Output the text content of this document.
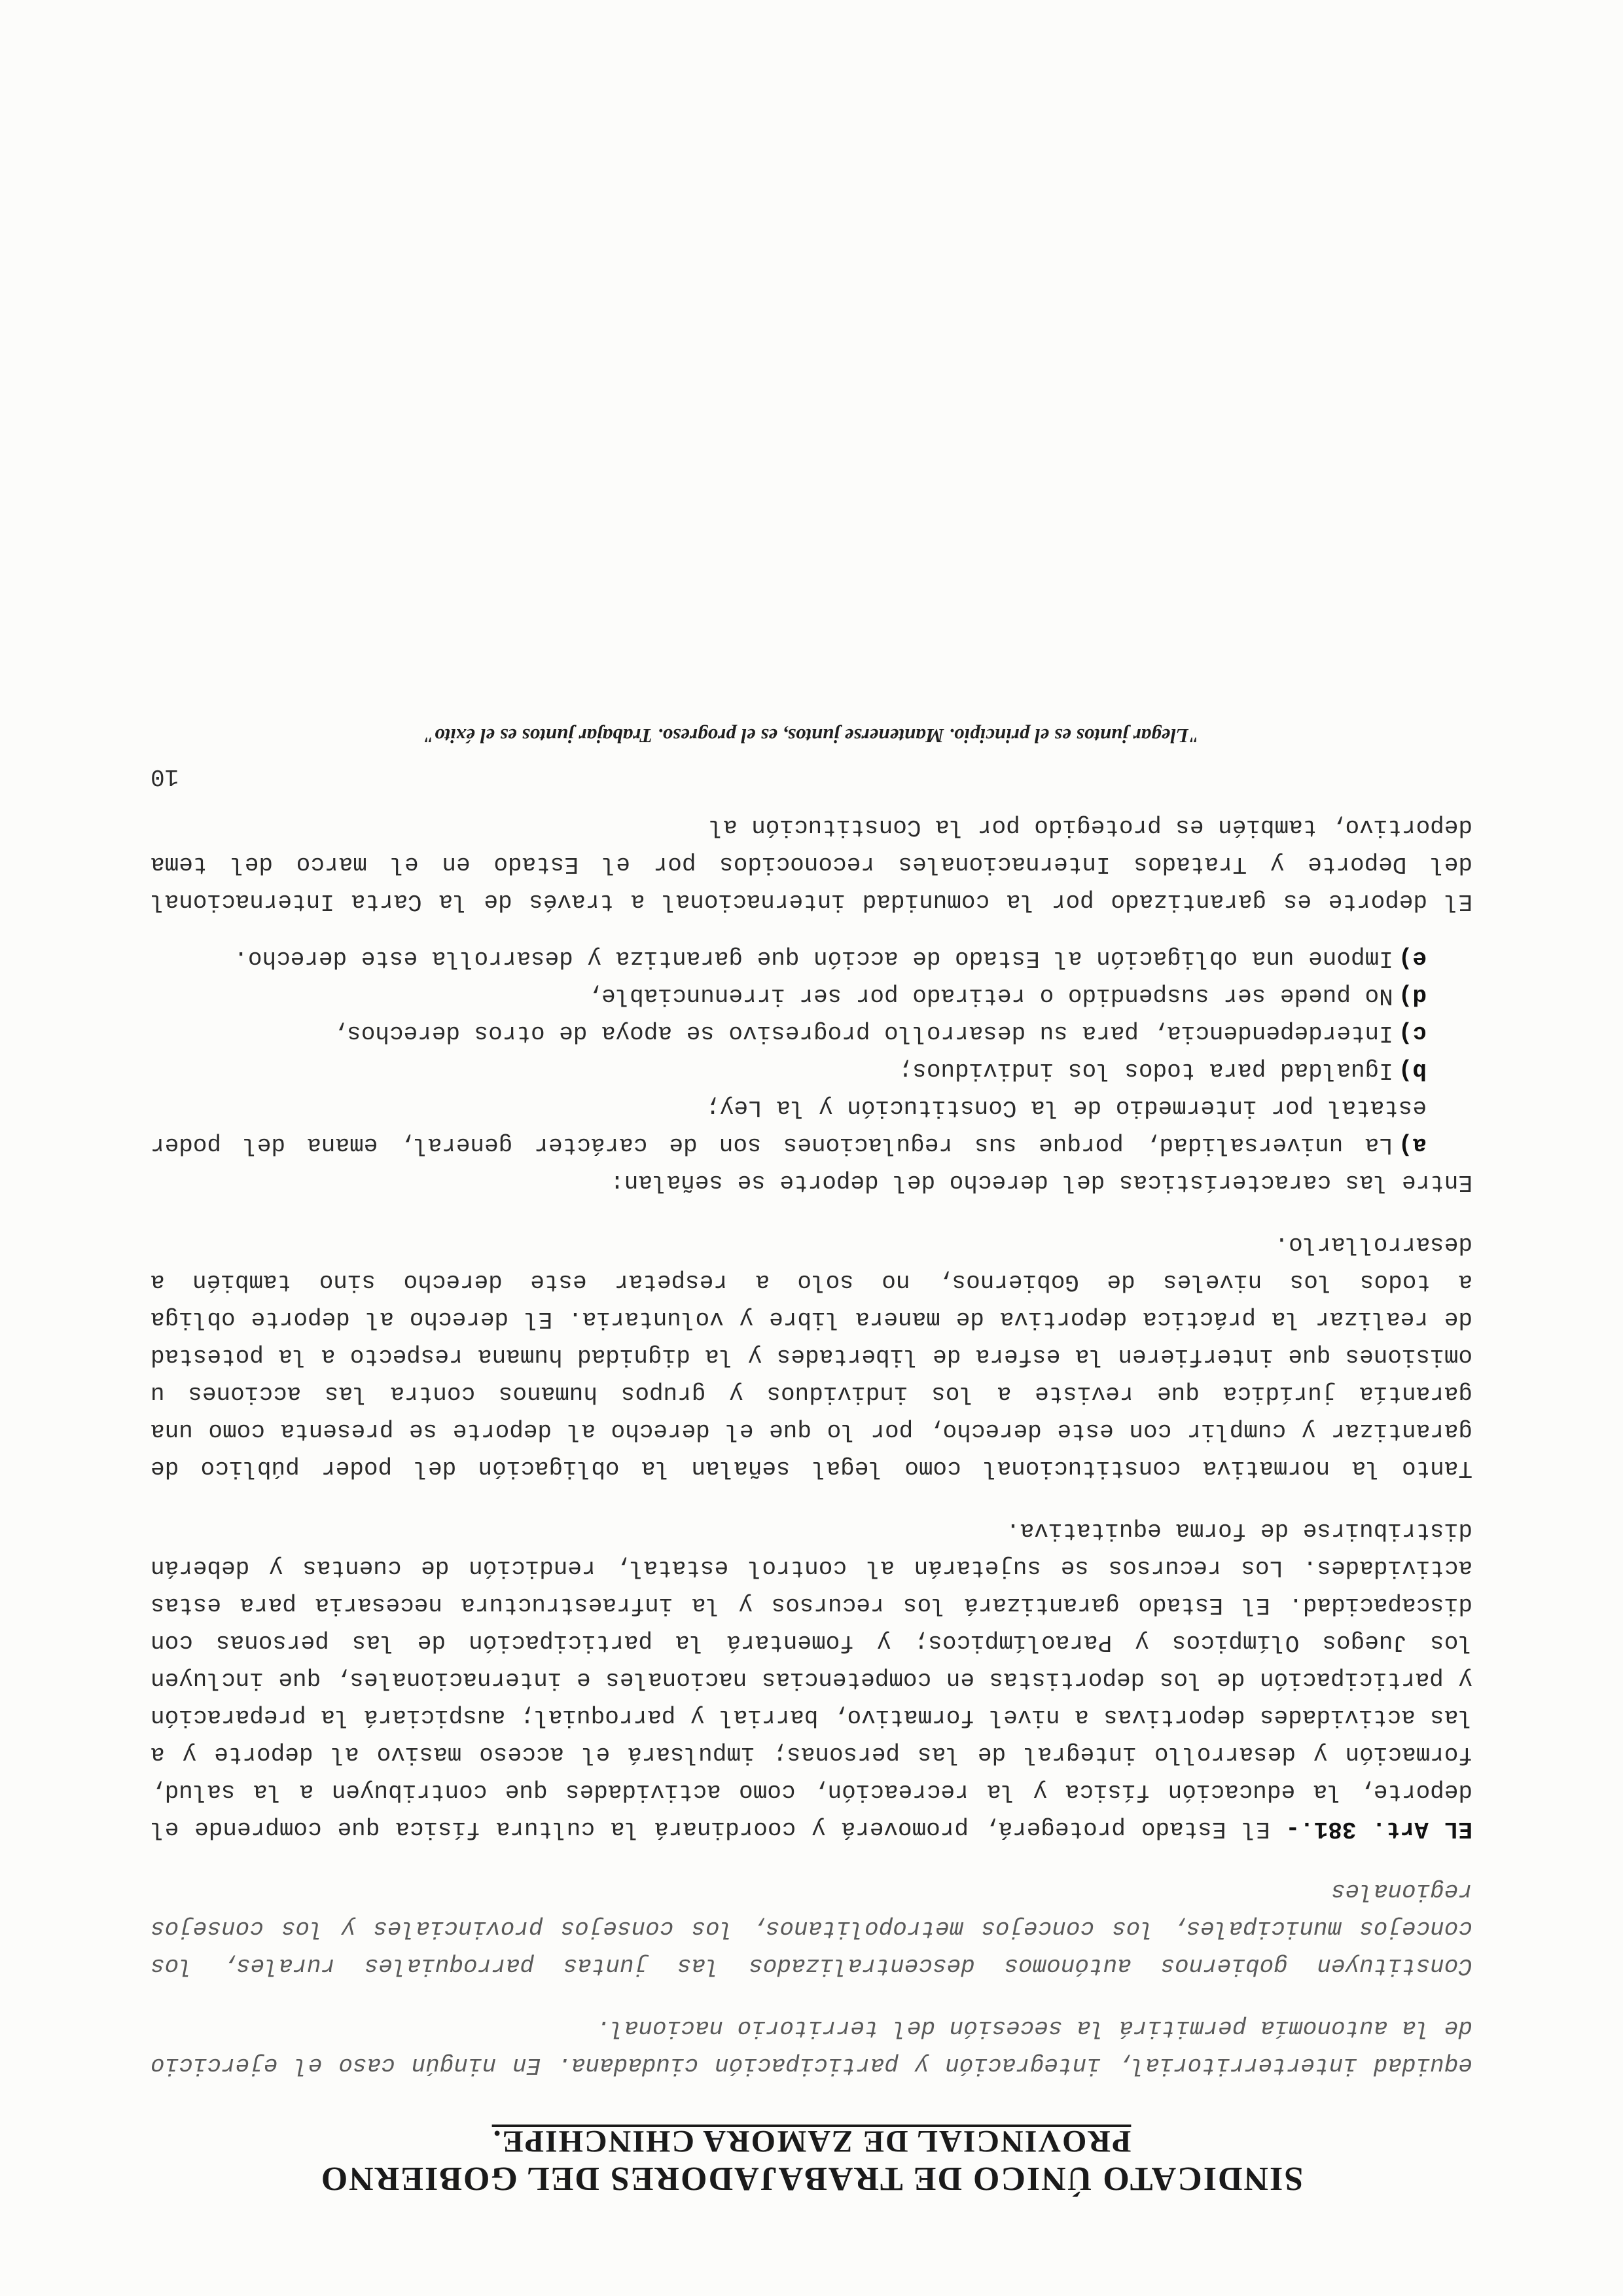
SINDICATO ÚNICO DE TRABAJADORES DEL GOBIERNO
PROVINCIAL DE ZAMORA CHINCHIPE.

equidad interterritorial, integración y participación ciudadana. En ningún caso el ejercicio de la autonomía permitirá la secesión del territorio nacional.

Constituyen gobiernos autónomos descentralizados las juntas parroquiales rurales, los concejos municipales, los concejos metropolitanos, los consejos provinciales y los consejos regionales

EL Art. 381.- El Estado protegerá, promoverá y coordinará la cultura física que comprende el deporte, la educación física y la recreación, como actividades que contribuyen a la salud, formación y desarrollo integral de las personas; impulsará el acceso masivo al deporte y a las actividades deportivas a nivel formativo, barrial y parroquial; auspiciará la preparación y participación de los deportistas en competencias nacionales e internacionales, que incluyen los Juegos Olímpicos y Paraolímpicos; y fomentará la participación de las personas con discapacidad. El Estado garantizará los recursos y la infraestructura necesaria para estas actividades. Los recursos se sujetarán al control estatal, rendición de cuentas y deberán distribuirse de forma equitativa.

Tanto la normativa constitucional como legal señalan la obligación del poder público de garantizar y cumplir con este derecho, por lo que el derecho al deporte se presenta como una garantía jurídica que reviste a los individuos y grupos humanos contra las acciones u omisiones que interfieren la esfera de libertades y la dignidad humana respecto a la potestad de realizar la práctica deportiva de manera libre y voluntaria. El derecho al deporte obliga a todos los niveles de Gobiernos, no solo a respetar este derecho sino también a desarrollarlo.

Entre las características del derecho del deporte se señalan:

a)La universalidad, porque sus regulaciones son de carácter general, emana del poder estatal por intermedio de la Constitución y la Ley;
b)Igualdad para todos los individuos;
c)Interdependencia, para su desarrollo progresivo se apoya de otros derechos,
d)No puede ser suspendido o retirado por ser irrenunciable,
e)Impone una obligación al Estado de acción que garantiza y desarrolla este derecho.

El deporte es garantizado por la comunidad internacional a través de la Carta Internacional del Deporte y Tratados Internacionales reconocidos por el Estado en el marco del tema deportivo, también es protegido por la Constitución al

10
"Llegar juntos es el principio. Mantenerse juntos, es el progreso. Trabajar juntos es el éxito"
